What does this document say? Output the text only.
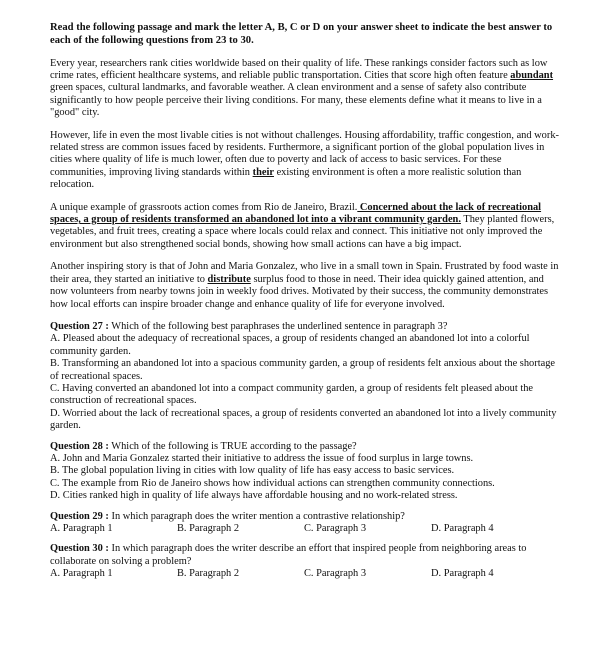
Read the following passage and mark the letter A, B, C or D on your answer sheet to indicate the best answer to each of the following questions from 23 to 30.

Every year, researchers rank cities worldwide based on their quality of life. These rankings consider factors such as low crime rates, efficient healthcare systems, and reliable public transportation. Cities that score high often feature abundant green spaces, cultural landmarks, and favorable weather. A clean environment and a sense of safety also contribute significantly to how people perceive their living conditions. For many, these elements define what it means to live in a "good" city.

However, life in even the most livable cities is not without challenges. Housing affordability, traffic congestion, and work-related stress are common issues faced by residents. Furthermore, a significant portion of the global population lives in cities where quality of life is much lower, often due to poverty and lack of access to basic services. For these communities, improving living standards within their existing environment is often a more realistic solution than relocation.

A unique example of grassroots action comes from Rio de Janeiro, Brazil. Concerned about the lack of recreational spaces, a group of residents transformed an abandoned lot into a vibrant community garden. They planted flowers, vegetables, and fruit trees, creating a space where locals could relax and connect. This initiative not only improved the environment but also strengthened social bonds, showing how small actions can have a big impact.

Another inspiring story is that of John and Maria Gonzalez, who live in a small town in Spain. Frustrated by food waste in their area, they started an initiative to distribute surplus food to those in need. Their idea quickly gained attention, and now volunteers from nearby towns join in weekly food drives. Motivated by their success, the community demonstrates how local efforts can inspire broader change and enhance quality of life for everyone involved.

Question 27 : Which of the following best paraphrases the underlined sentence in paragraph 3?

A. Pleased about the adequacy of recreational spaces, a group of residents changed an abandoned lot into a colorful community garden.

B. Transforming an abandoned lot into a spacious community garden, a group of residents felt anxious about the shortage of recreational spaces.

C. Having converted an abandoned lot into a compact community garden, a group of residents felt pleased about the construction of recreational spaces.

D. Worried about the lack of recreational spaces, a group of residents converted an abandoned lot into a lively community garden.

Question 28 : Which of the following is TRUE according to the passage?

A. John and Maria Gonzalez started their initiative to address the issue of food surplus in large towns.

B. The global population living in cities with low quality of life has easy access to basic services.

C. The example from Rio de Janeiro shows how individual actions can strengthen community connections.

D. Cities ranked high in quality of life always have affordable housing and no work-related stress.

Question 29 : In which paragraph does the writer mention a contrastive relationship?

A. Paragraph 1	B. Paragraph 2	C. Paragraph 3	D. Paragraph 4

Question 30 : In which paragraph does the writer describe an effort that inspired people from neighboring areas to collaborate on solving a problem?

A. Paragraph 1	B. Paragraph 2	C. Paragraph 3	D. Paragraph 4
